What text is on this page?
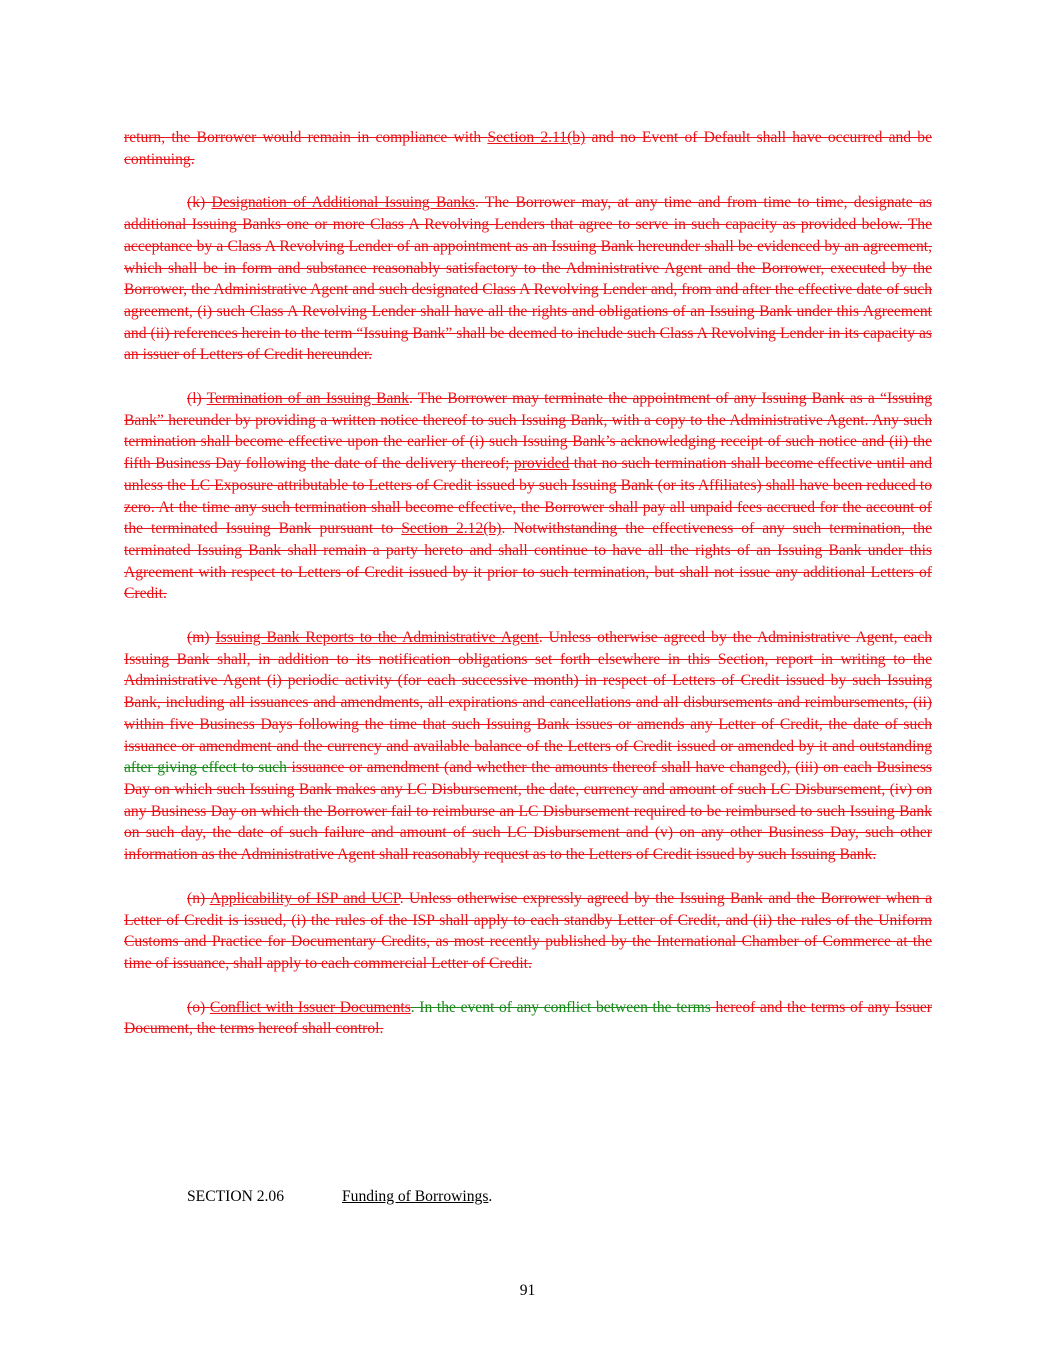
return, the Borrower would remain in compliance with Section 2.11(b) and no Event of Default shall have occurred and be continuing.

(k) Designation of Additional Issuing Banks. The Borrower may, at any time and from time to time, designate as additional Issuing Banks one or more Class A Revolving Lenders that agree to serve in such capacity as provided below. The acceptance by a Class A Revolving Lender of an appointment as an Issuing Bank hereunder shall be evidenced by an agreement, which shall be in form and substance reasonably satisfactory to the Administrative Agent and the Borrower, executed by the Borrower, the Administrative Agent and such designated Class A Revolving Lender and, from and after the effective date of such agreement, (i) such Class A Revolving Lender shall have all the rights and obligations of an Issuing Bank under this Agreement and (ii) references herein to the term “Issuing Bank” shall be deemed to include such Class A Revolving Lender in its capacity as an issuer of Letters of Credit hereunder.

(l) Termination of an Issuing Bank. The Borrower may terminate the appointment of any Issuing Bank as a “Issuing Bank” hereunder by providing a written notice thereof to such Issuing Bank, with a copy to the Administrative Agent. Any such termination shall become effective upon the earlier of (i) such Issuing Bank’s acknowledging receipt of such notice and (ii) the fifth Business Day following the date of the delivery thereof; provided that no such termination shall become effective until and unless the LC Exposure attributable to Letters of Credit issued by such Issuing Bank (or its Affiliates) shall have been reduced to zero. At the time any such termination shall become effective, the Borrower shall pay all unpaid fees accrued for the account of the terminated Issuing Bank pursuant to Section 2.12(b). Notwithstanding the effectiveness of any such termination, the terminated Issuing Bank shall remain a party hereto and shall continue to have all the rights of an Issuing Bank under this Agreement with respect to Letters of Credit issued by it prior to such termination, but shall not issue any additional Letters of Credit.

(m) Issuing Bank Reports to the Administrative Agent. Unless otherwise agreed by the Administrative Agent, each Issuing Bank shall, in addition to its notification obligations set forth elsewhere in this Section, report in writing to the Administrative Agent (i) periodic activity (for each successive month) in respect of Letters of Credit issued by such Issuing Bank, including all issuances and amendments, all expirations and cancellations and all disbursements and reimbursements, (ii) within five Business Days following the time that such Issuing Bank issues or amends any Letter of Credit, the date of such issuance or amendment and the currency and available balance of the Letters of Credit issued or amended by it and outstanding after giving effect to such issuance or amendment (and whether the amounts thereof shall have changed), (iii) on each Business Day on which such Issuing Bank makes any LC Disbursement, the date, currency and amount of such LC Disbursement, (iv) on any Business Day on which the Borrower fail to reimburse an LC Disbursement required to be reimbursed to such Issuing Bank on such day, the date of such failure and amount of such LC Disbursement and (v) on any other Business Day, such other information as the Administrative Agent shall reasonably request as to the Letters of Credit issued by such Issuing Bank.

(n) Applicability of ISP and UCP. Unless otherwise expressly agreed by the Issuing Bank and the Borrower when a Letter of Credit is issued, (i) the rules of the ISP shall apply to each standby Letter of Credit, and (ii) the rules of the Uniform Customs and Practice for Documentary Credits, as most recently published by the International Chamber of Commerce at the time of issuance, shall apply to each commercial Letter of Credit.

(o) Conflict with Issuer Documents. In the event of any conflict between the terms hereof and the terms of any Issuer Document, the terms hereof shall control.

SECTION 2.06	Funding of Borrowings.
91
